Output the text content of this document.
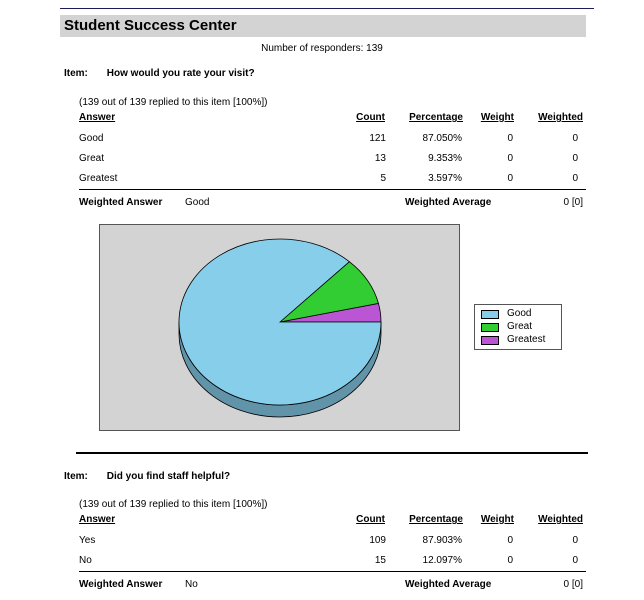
Student Success Center
Number of responders: 139
Item: How would you rate your visit?
(139 out of 139 replied to this item [100%])
Answer	Count Percentage Weight Weighted
Good	121	87.050%	0	0
Great	13	9.353%	0	0
Greatest	5	3.597%	0	0
Weighted Answer Good	Weighted Average	0 [0]
Good
Great
Greatest
Item: Did you find staff helpful?
(139 out of 139 replied to this item [100%])
Answer	Count Percentage Weight Weighted
Yes	109	87.903%	0	0
No	15	12.097%	0	0
Weighted Answer No	Weighted Average	0 [0]
